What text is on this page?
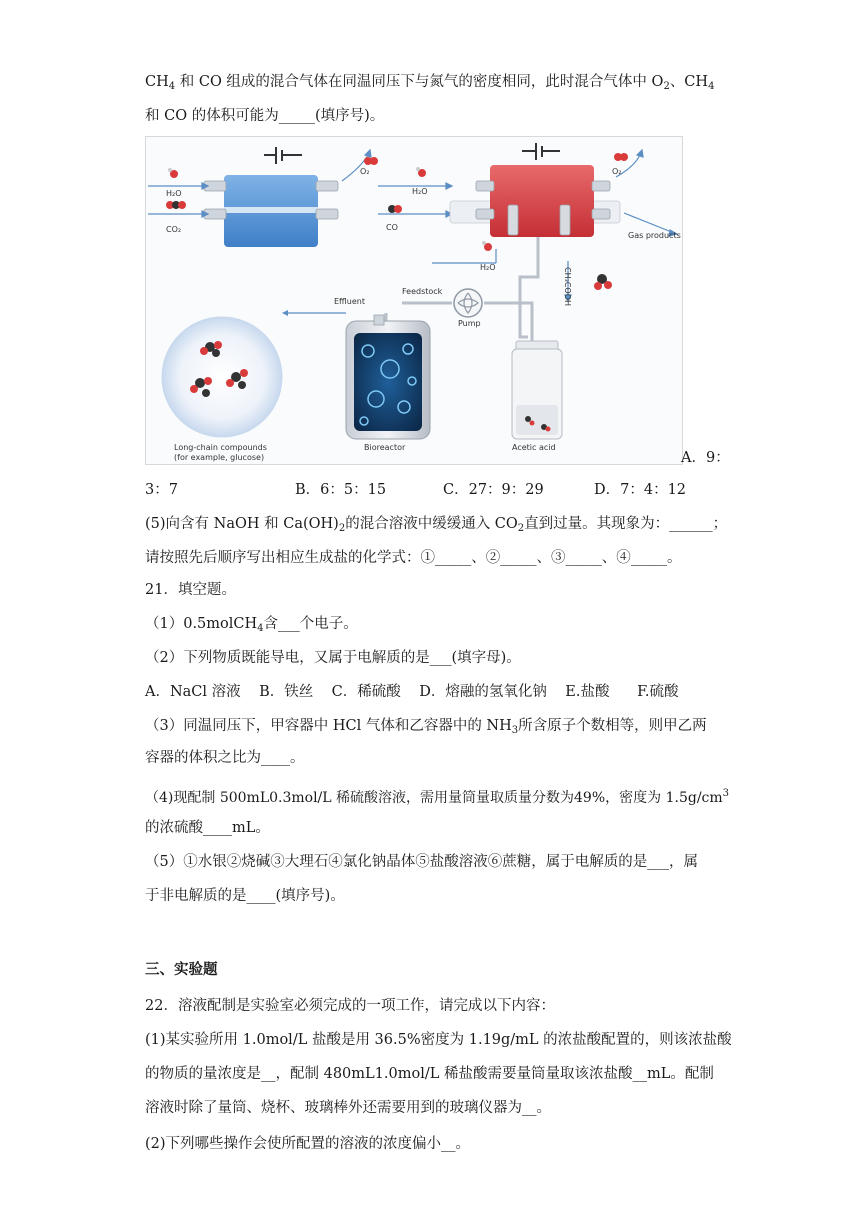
$CH_4$ 和 CO 组成的混合气体在同温同压下与氮气的密度相同，此时混合气体中 $O_2$、$CH_4$
和 CO 的体积可能为_____(填序号)。
H₂O
CO₂
O₂
H₂O
CO
O₂
Gas products
H₂O	CH₃COOH
Effluent
Feedstock
Pump
Long-chain compounds
(for example, glucose)
Bioreactor	Acetic acid
A．9：
3：7	B．6：5：15	C．27：9：29	D．7：4：12
(5)向含有 NaOH 和 $Ca(OH)_2$的混合溶液中缓缓通入 $CO_2$直到过量。其现象为：______；
请按照先后顺序写出相应生成盐的化学式：①_____、②_____、③_____、④_____。
21．填空题。
（1）0.5molCH$_4$含___个电子。
（2）下列物质既能导电，又属于电解质的是___(填字母)。
A．NaCl 溶液    B．铁丝    C．稀硫酸    D．熔融的氢氧化钠    E.盐酸      F.硫酸
（3）同温同压下，甲容器中 HCl 气体和乙容器中的 $NH_3$所含原子个数相等，则甲乙两
容器的体积之比为____。
（4)现配制 500mL0.3mol/L 稀硫酸溶液，需用量筒量取质量分数为49%，密度为 $1.5g/cm^3$
的浓硫酸____mL。
（5）①水银②烧碱③大理石④氯化钠晶体⑤盐酸溶液⑥蔗糖，属于电解质的是___，属
于非电解质的是____(填序号)。
三、实验题
22．溶液配制是实验室必须完成的一项工作，请完成以下内容：
(1)某实验所用 1.0mol/L 盐酸是用 36.5%密度为 1.19g/mL 的浓盐酸配置的，则该浓盐酸
的物质的量浓度是__，配制 480mL1.0mol/L 稀盐酸需要量筒量取该浓盐酸__mL。配制
溶液时除了量筒、烧杯、玻璃棒外还需要用到的玻璃仪器为__。
(2)下列哪些操作会使所配置的溶液的浓度偏小__。
